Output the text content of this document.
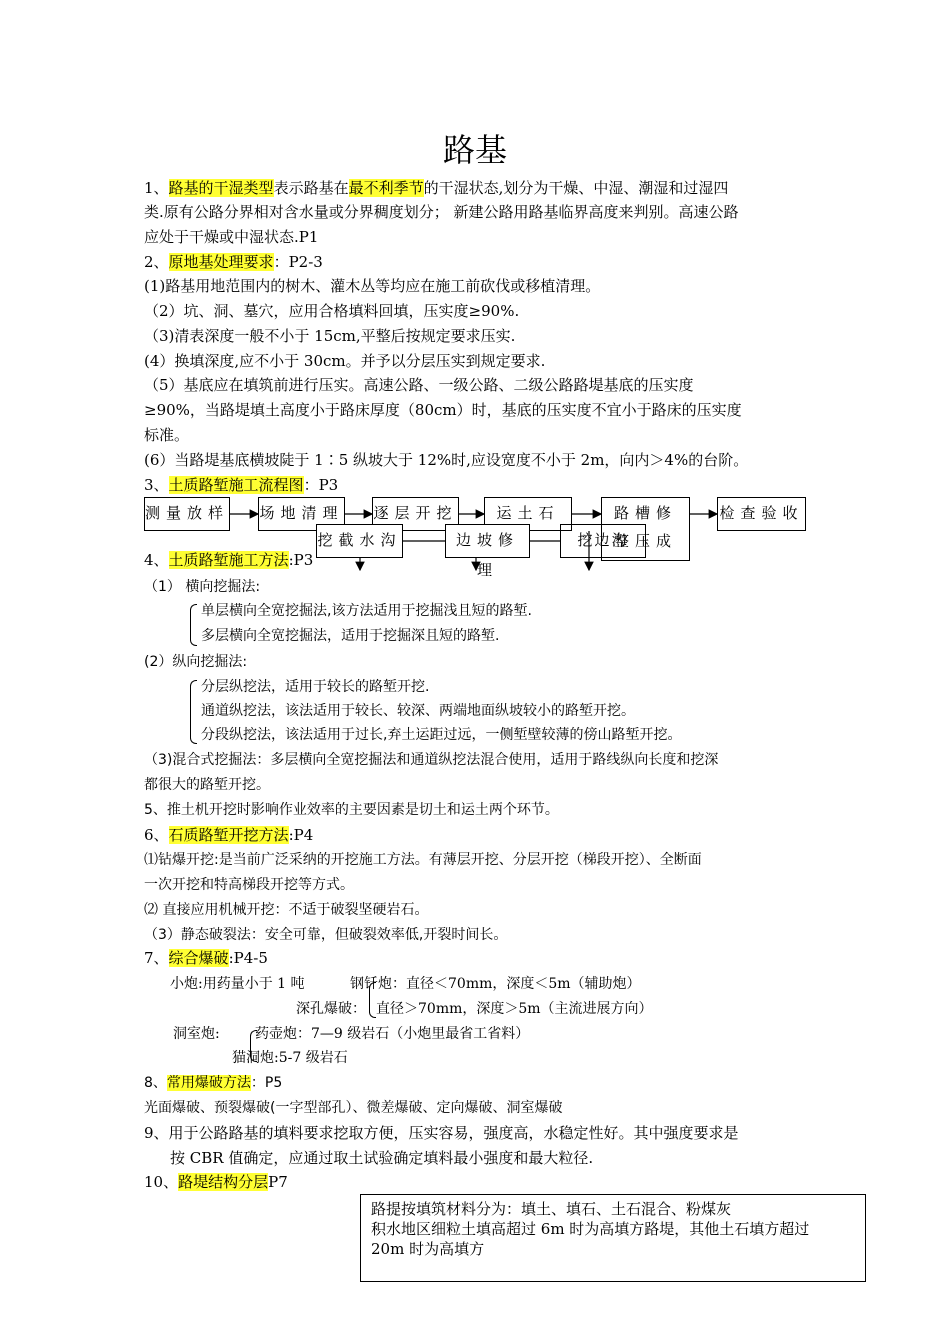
路基
1、路基的干湿类型表示路基在最不利季节的干湿状态,划分为干燥、中湿、潮湿和过湿四
类.原有公路分界相对含水量或分界稠度划分； 新建公路用路基临界高度来判别。高速公路
应处于干燥或中湿状态.P1
2、原地基处理要求：P2-3
(1)路基用地范围内的树木、灌木丛等均应在施工前砍伐或移植清理。
（2）坑、洞、墓穴，应用合格填料回填，压实度≥90%.
（3)清表深度一般不小于 15cm,平整后按规定要求压实.
(4）换填深度,应不小于 30cm。并予以分层压实到规定要求.
（5）基底应在填筑前进行压实。高速公路、一级公路、二级公路路堤基底的压实度
≥90%，当路堤填土高度小于路床厚度（80cm）时，基底的压实度不宜小于路床的压实度
标准。
(6）当路堤基底横坡陡于 1∶5 纵坡大于 12%时,应设宽度不小于 2m，向内＞4%的台阶。
3、土质路堑施工流程图：P3
4、土质路堑施工方法:P3
测量放样 场地清理 逐层开挖	运土石	路槽修整压成
检查验收
挖截水沟	边坡修理
挖边沟
（1） 横向挖掘法:
单层横向全宽挖掘法,该方法适用于挖掘浅且短的路堑.
多层横向全宽挖掘法，适用于挖掘深且短的路堑.
(2）纵向挖掘法:
分层纵挖法，适用于较长的路堑开挖.
通道纵挖法，该法适用于较长、较深、两端地面纵坡较小的路堑开挖。
分段纵挖法，该法适用于过长,弃土运距过远，一侧堑壁较薄的傍山路堑开挖。
（3)混合式挖掘法：多层横向全宽挖掘法和通道纵挖法混合使用，适用于路线纵向长度和挖深
都很大的路堑开挖。
5、推土机开挖时影响作业效率的主要因素是切土和运土两个环节。
6、石质路堑开挖方法:P4
⑴钻爆开挖:是当前广泛采纳的开挖施工方法。有薄层开挖、分层开挖（梯段开挖）、全断面
一次开挖和特高梯段开挖等方式。
⑵ 直接应用机械开挖：不适于破裂坚硬岩石。
（3）静态破裂法：安全可靠，但破裂效率低,开裂时间长。
7、综合爆破:P4-5
小炮:用药量小于 1 吨	钢钎炮：直径＜70mm，深度＜5m（辅助炮）
深孔爆破： 直径＞70mm，深度＞5m（主流进展方向）
洞室炮:	药壶炮：7—9 级岩石（小炮里最省工省料）
猫洞炮:5-7 级岩石
8、常用爆破方法：P5
光面爆破、预裂爆破(一字型部孔）、微差爆破、定向爆破、洞室爆破
9、用于公路路基的填料要求挖取方便，压实容易，强度高，水稳定性好。其中强度要求是
按 CBR 值确定，应通过取土试验确定填料最小强度和最大粒径.
10、路堤结构分层P7
路提按填筑材料分为：填土、填石、土石混合、粉煤灰
积水地区细粒土填高超过 6m 时为高填方路堤，其他土石填方超过
20m 时为高填方
